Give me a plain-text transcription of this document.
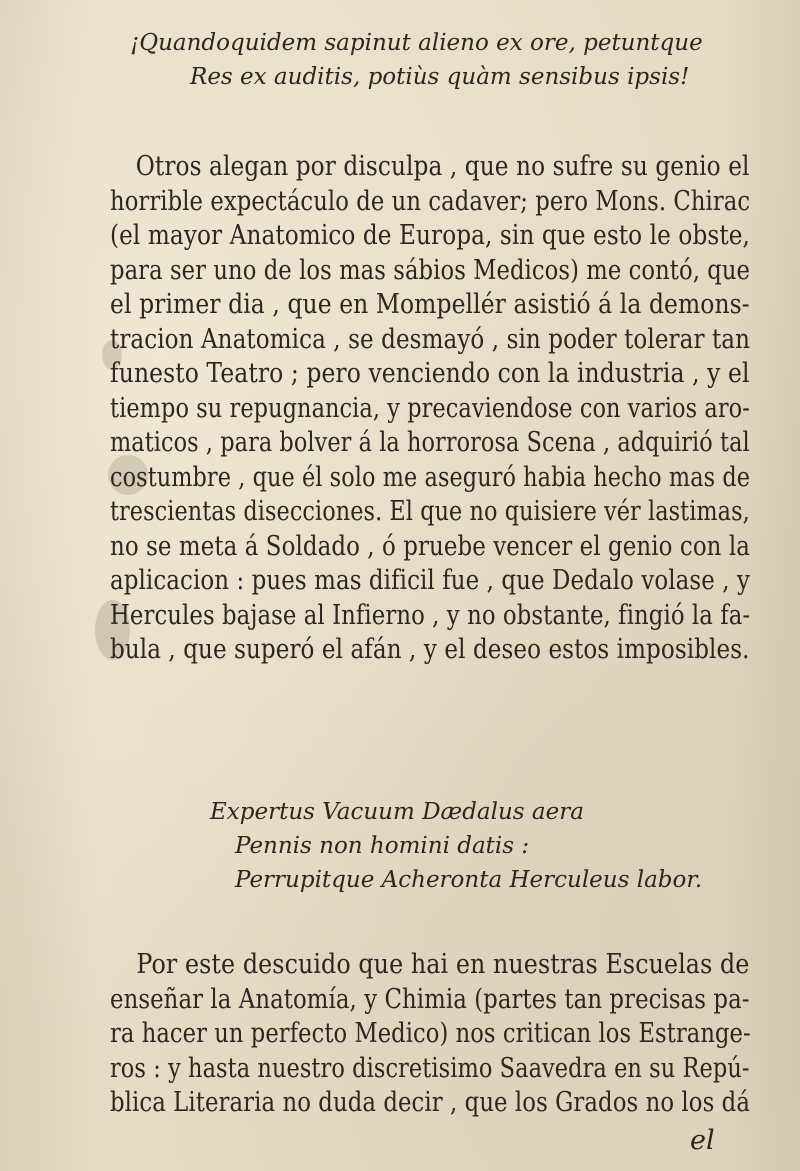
¡Quandoquidem sapinut alieno ex ore, petuntque
Res ex auditis, potiùs quàm sensibus ipsis!
Otros alegan por disculpa , que no sufre su genio el
horrible expectáculo de un cadaver; pero Mons. Chirac
(el mayor Anatomico de Europa, sin que esto le obste,
para ser uno de los mas sábios Medicos) me contó, que
el primer dia , que en Mompellér asistió á la demons-
tracion Anatomica , se desmayó , sin poder tolerar tan
funesto Teatro ; pero venciendo con la industria , y el
tiempo su repugnancia, y precaviendose con varios aro-
maticos , para bolver á la horrorosa Scena , adquirió tal
costumbre , que él solo me aseguró habia hecho mas de
trescientas disecciones. El que no quisiere vér lastimas,
no se meta á Soldado , ó pruebe vencer el genio con la
aplicacion : pues mas dificil fue , que Dedalo volase , y
Hercules bajase al Infierno , y no obstante, fingió la fa-
bula , que superó el afán , y el deseo estos imposibles.
Expertus Vacuum Dædalus aera
Pennis non homini datis :
Perrupitque Acheronta Herculeus labor.
Por este descuido que hai en nuestras Escuelas de
enseñar la Anatomía, y Chimia (partes tan precisas pa-
ra hacer un perfecto Medico) nos critican los Estrange-
ros : y hasta nuestro discretisimo Saavedra en su Repú-
blica Literaria no duda decir , que los Grados no los dá
el
